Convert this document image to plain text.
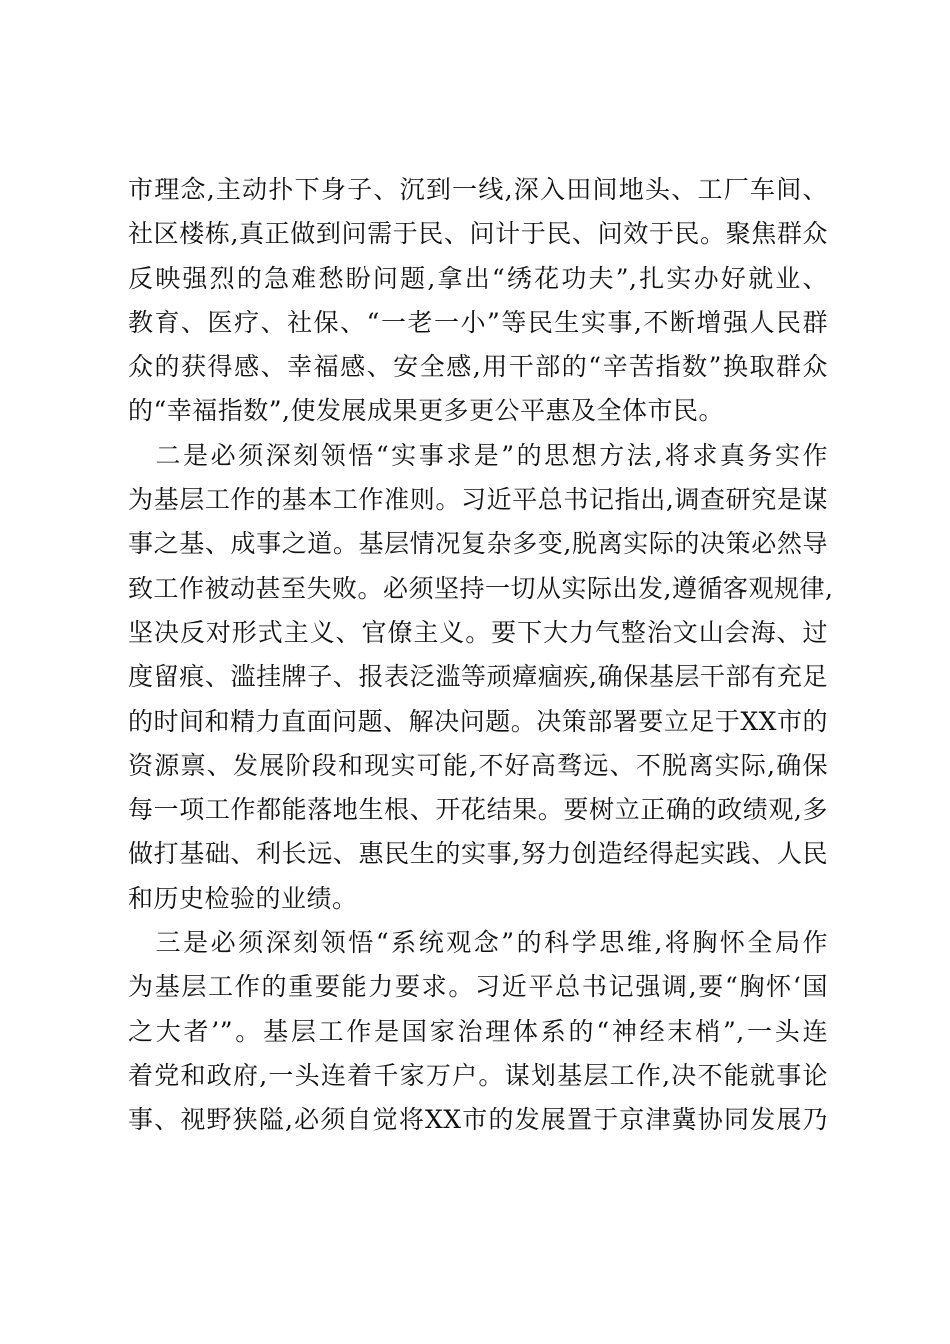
市理念,主动扑下身子、沉到一线,深入田间地头、工厂车间、
社区楼栋,真正做到问需于民、问计于民、问效于民。聚焦群众
反映强烈的急难愁盼问题,拿出“绣花功夫”,扎实办好就业、
教育、医疗、社保、“一老一小”等民生实事,不断增强人民群
众的获得感、幸福感、安全感,用干部的“辛苦指数”换取群众
的“幸福指数”,使发展成果更多更公平惠及全体市民。
　二是必须深刻领悟“实事求是”的思想方法,将求真务实作
为基层工作的基本工作准则。习近平总书记指出,调查研究是谋
事之基、成事之道。基层情况复杂多变,脱离实际的决策必然导
致工作被动甚至失败。必须坚持一切从实际出发,遵循客观规律,
坚决反对形式主义、官僚主义。要下大力气整治文山会海、过
度留痕、滥挂牌子、报表泛滥等顽瘴痼疾,确保基层干部有充足
的时间和精力直面问题、解决问题。决策部署要立足于XX市的
资源禀、发展阶段和现实可能,不好高骛远、不脱离实际,确保
每一项工作都能落地生根、开花结果。要树立正确的政绩观,多
做打基础、利长远、惠民生的实事,努力创造经得起实践、人民
和历史检验的业绩。
　三是必须深刻领悟“系统观念”的科学思维,将胸怀全局作
为基层工作的重要能力要求。习近平总书记强调,要“胸怀‘国
之大者’”。基层工作是国家治理体系的“神经末梢”,一头连
着党和政府,一头连着千家万户。谋划基层工作,决不能就事论
事、视野狭隘,必须自觉将XX市的发展置于京津冀协同发展乃
